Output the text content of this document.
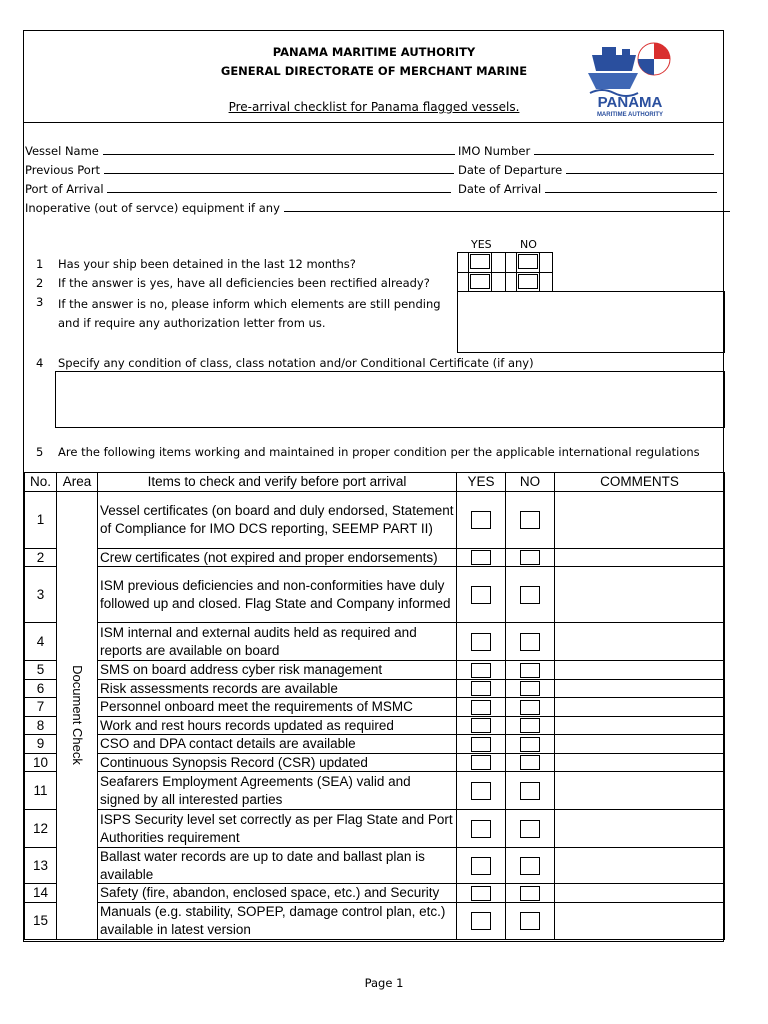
PANAMA MARITIME AUTHORITY
GENERAL DIRECTORATE OF MERCHANT MARINE
Pre-arrival checklist for Panama flagged vessels.	PANAMA
MARITIME AUTHORITY
Vessel Name	IMO Number
Previous Port	Date of Departure
Port of Arrival	Date of Arrival
Inoperative (out of servce) equipment if any
YES	NO
1 Has your ship been detained in the last 12 months?
2 If the answer is yes, have all deficiencies been rectified already?
3 If the answer is no, please inform which elements are still pending
and if require any authorization letter from us.
4 Specify any condition of class, class notation and/or Conditional Certificate (if any)
5 Are the following items working and maintained in proper condition per the applicable international regulations
No.	Area	Items to check and verify before port arrival	YES	NO	COMMENTS
1	Document Check	Vessel certificates (on board and duly endorsed, Statement of Compliance for IMO DCS reporting, SEEMP PART II)			
2		Crew certificates (not expired and proper endorsements)			
3		ISM previous deficiencies and non-conformities have duly followed up and closed. Flag State and Company informed			
4		ISM internal and external audits held as required and reports are available on board			
5		SMS on board address cyber risk management			
6		Risk assessments records are available			
7		Personnel onboard meet the requirements of MSMC			
8		Work and rest hours records updated as required			
9		CSO and DPA contact details are available			
10		Continuous Synopsis Record (CSR) updated			
11		Seafarers Employment Agreements (SEA) valid and signed by all interested parties			
12		ISPS Security level set correctly as per Flag State and Port Authorities requirement			
13		Ballast water records are up to date and ballast plan is available			
14		Safety (fire, abandon, enclosed space, etc.) and Security			
15		Manuals (e.g. stability, SOPEP, damage control plan, etc.) available in latest version			
Page 1
